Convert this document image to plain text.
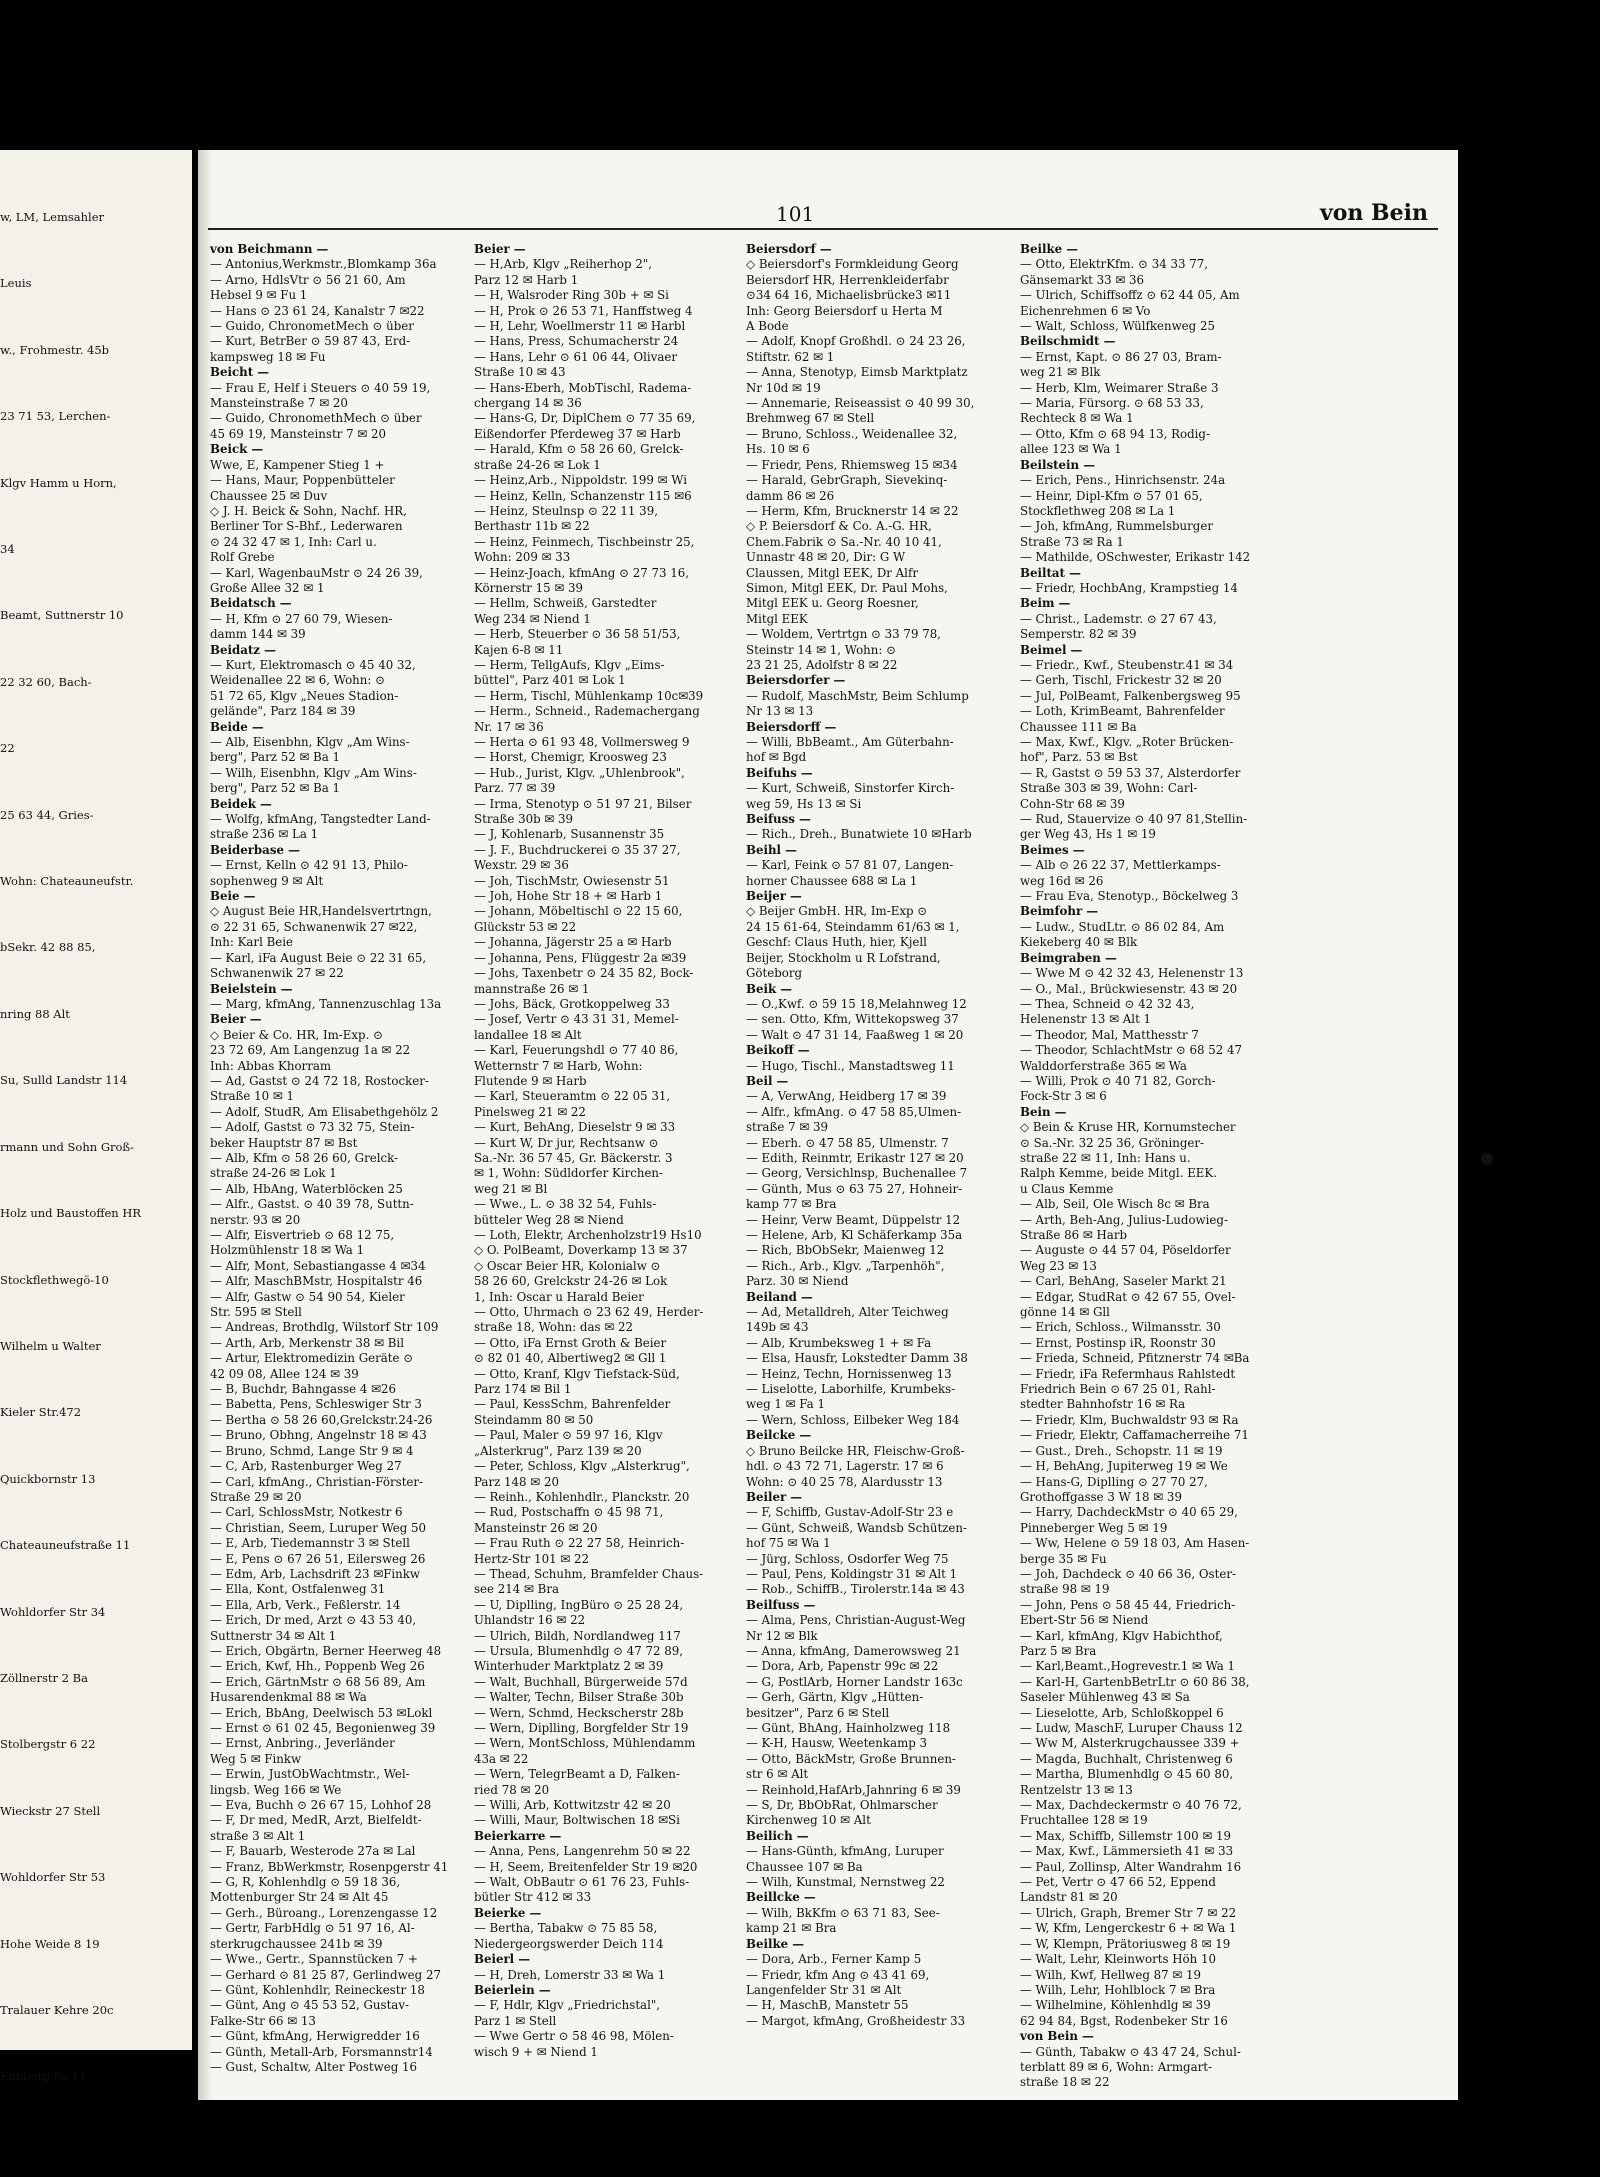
w, LM, Lemsahler
Leuis
w., Frohmestr. 45b
23 71 53, Lerchen-
Klgv Hamm u Horn,
34
Beamt, Suttnerstr 10
22 32 60, Bach-
22
25 63 44, Gries-
Wohn: Chateauneufstr.
bSekr. 42 88 85,
nring 88 Alt
Su, Sulld Landstr 114
rmann und Sohn Groß-
Holz und Baustoffen HR
Stockflethwegö-10
Wilhelm u Walter
Kieler Str.472
Quickbornstr 13
Chateauneufstraße 11
Wohldorfer Str 34
Zöllnerstr 2 Ba
Stolbergstr 6 22
Wieckstr 27 Stell
Wohldorfer Str 53
Hohe Weide 8 19
Tralauer Kehre 20c
Kuhberg 8a 11
101	von Bein
von Beichmann —
— Antonius,Werkmstr.,Blomkamp 36a
— Arno, HdlsVtr ⊙ 56 21 60, Am
Hebsel 9 ✉ Fu 1
— Hans ⊙ 23 61 24, Kanalstr 7 ✉22
— Guido, ChronometMech ⊙ über
— Kurt, BetrBer ⊙ 59 87 43, Erd-
kampsweg 18 ✉ Fu
Beicht —
— Frau E, Helf i Steuers ⊙ 40 59 19,
Mansteinstraße 7 ✉ 20
— Guido, ChronomethMech ⊙ über
45 69 19, Mansteinstr 7 ✉ 20
Beick —
Wwe, E, Kampener Stieg 1 +
— Hans, Maur, Poppenbütteler
Chaussee 25 ✉ Duv
◇ J. H. Beick & Sohn, Nachf. HR,
Berliner Tor S-Bhf., Lederwaren
⊙ 24 32 47 ✉ 1, Inh: Carl u.
Rolf Grebe
— Karl, WagenbauMstr ⊙ 24 26 39,
Große Allee 32 ✉ 1
Beidatsch —
— H, Kfm ⊙ 27 60 79, Wiesen-
damm 144 ✉ 39
Beidatz —
— Kurt, Elektromasch ⊙ 45 40 32,
Weidenallee 22 ✉ 6, Wohn: ⊙
51 72 65, Klgv „Neues Stadion-
gelände", Parz 184 ✉ 39
Beide —
— Alb, Eisenbhn, Klgv „Am Wins-
berg", Parz 52 ✉ Ba 1
— Wilh, Eisenbhn, Klgv „Am Wins-
berg", Parz 52 ✉ Ba 1
Beidek —
— Wolfg, kfmAng, Tangstedter Land-
straße 236 ✉ La 1
Beiderbase —
— Ernst, Kelln ⊙ 42 91 13, Philo-
sophenweg 9 ✉ Alt
Beie —
◇ August Beie HR,Handelsvertrtngn,
⊙ 22 31 65, Schwanenwik 27 ✉22,
Inh: Karl Beie
— Karl, iFa August Beie ⊙ 22 31 65,
Schwanenwik 27 ✉ 22
Beielstein —
— Marg, kfmAng, Tannenzuschlag 13a
Beier —
◇ Beier & Co. HR, Im-Exp. ⊙
23 72 69, Am Langenzug 1a ✉ 22
Inh: Abbas Khorram
— Ad, Gastst ⊙ 24 72 18, Rostocker-
Straße 10 ✉ 1
— Adolf, StudR, Am Elisabethgehölz 2
— Adolf, Gastst ⊙ 73 32 75, Stein-
beker Hauptstr 87 ✉ Bst
— Alb, Kfm ⊙ 58 26 60, Grelck-
straße 24-26 ✉ Lok 1
— Alb, HbAng, Waterblöcken 25
— Alfr., Gastst. ⊙ 40 39 78, Suttn-
nerstr. 93 ✉ 20
— Alfr, Eisvertrieb ⊙ 68 12 75,
Holzmühlenstr 18 ✉ Wa 1
— Alfr, Mont, Sebastiangasse 4 ✉34
— Alfr, MaschBMstr, Hospitalstr 46
— Alfr, Gastw ⊙ 54 90 54, Kieler
Str. 595 ✉ Stell
— Andreas, Brothdlg, Wilstorf Str 109
— Arth, Arb, Merkenstr 38 ✉ Bil
— Artur, Elektromedizin Geräte ⊙
42 09 08, Allee 124 ✉ 39
— B, Buchdr, Bahngasse 4 ✉26
— Babetta, Pens, Schleswiger Str 3
— Bertha ⊙ 58 26 60,Grelckstr.24-26
— Bruno, Obhng, Angelnstr 18 ✉ 43
— Bruno, Schmd, Lange Str 9 ✉ 4
— C, Arb, Rastenburger Weg 27
— Carl, kfmAng., Christian-Förster-
Straße 29 ✉ 20
— Carl, SchlossMstr, Notkestr 6
— Christian, Seem, Luruper Weg 50
— E, Arb, Tiedemannstr 3 ✉ Stell
— E, Pens ⊙ 67 26 51, Eilersweg 26
— Edm, Arb, Lachsdrift 23 ✉Finkw
— Ella, Kont, Ostfalenweg 31
— Ella, Arb, Verk., Feßlerstr. 14
— Erich, Dr med, Arzt ⊙ 43 53 40,
Suttnerstr 34 ✉ Alt 1
— Erich, Obgärtn, Berner Heerweg 48
— Erich, Kwf, Hh., Poppenb Weg 26
— Erich, GärtnMstr ⊙ 68 56 89, Am
Husarendenkmal 88 ✉ Wa
— Erich, BbAng, Deelwisch 53 ✉Lokl
— Ernst ⊙ 61 02 45, Begonienweg 39
— Ernst, Anbring., Jeverländer
Weg 5 ✉ Finkw
— Erwin, JustObWachtmstr., Wel-
lingsb. Weg 166 ✉ We
— Eva, Buchh ⊙ 26 67 15, Lohhof 28
— F, Dr med, MedR, Arzt, Bielfeldt-
straße 3 ✉ Alt 1
— F, Bauarb, Westerode 27a ✉ Lal
— Franz, BbWerkmstr, Rosenpgerstr 41
— G, R, Kohlenhdlg ⊙ 59 18 36,
Mottenburger Str 24 ✉ Alt 45
— Gerh., Büroang., Lorenzengasse 12
— Gertr, FarbHdlg ⊙ 51 97 16, Al-
sterkrugchaussee 241b ✉ 39
— Wwe., Gertr., Spannstücken 7 +
— Gerhard ⊙ 81 25 87, Gerlindweg 27
— Günt, Kohlenhdlr, Reineckestr 18
— Günt, Ang ⊙ 45 53 52, Gustav-
Falke-Str 66 ✉ 13
— Günt, kfmAng, Herwigredder 16
— Günth, Metall-Arb, Forsmannstr14
— Gust, Schaltw, Alter Postweg 16
Beier —
— H,Arb, Klgv „Reiherhop 2",
Parz 12 ✉ Harb 1
— H, Walsroder Ring 30b + ✉ Si
— H, Prok ⊙ 26 53 71, Hanffstweg 4
— H, Lehr, Woellmerstr 11 ✉ Harbl
— Hans, Press, Schumacherstr 24
— Hans, Lehr ⊙ 61 06 44, Olivaer
Straße 10 ✉ 43
— Hans-Eberh, MobTischl, Radema-
chergang 14 ✉ 36
— Hans-G, Dr, DiplChem ⊙ 77 35 69,
Eißendorfer Pferdeweg 37 ✉ Harb
— Harald, Kfm ⊙ 58 26 60, Grelck-
straße 24-26 ✉ Lok 1
— Heinz,Arb., Nippoldstr. 199 ✉ Wi
— Heinz, Kelln, Schanzenstr 115 ✉6
— Heinz, Steulnsp ⊙ 22 11 39,
Berthastr 11b ✉ 22
— Heinz, Feinmech, Tischbeinstr 25,
Wohn: 209 ✉ 33
— Heinz-Joach, kfmAng ⊙ 27 73 16,
Körnerstr 15 ✉ 39
— Hellm, Schweiß, Garstedter
Weg 234 ✉ Niend 1
— Herb, Steuerber ⊙ 36 58 51/53,
Kajen 6-8 ✉ 11
— Herm, TellgAufs, Klgv „Eims-
büttel", Parz 401 ✉ Lok 1
— Herm, Tischl, Mühlenkamp 10c✉39
— Herm., Schneid., Rademachergang
Nr. 17 ✉ 36
— Herta ⊙ 61 93 48, Vollmersweg 9
— Horst, Chemigr, Kroosweg 23
— Hub., Jurist, Klgv. „Uhlenbrook",
Parz. 77 ✉ 39
— Irma, Stenotyp ⊙ 51 97 21, Bilser
Straße 30b ✉ 39
— J, Kohlenarb, Susannenstr 35
— J. F., Buchdruckerei ⊙ 35 37 27,
Wexstr. 29 ✉ 36
— Joh, TischMstr, Owiesenstr 51
— Joh, Hohe Str 18 + ✉ Harb 1
— Johann, Möbeltischl ⊙ 22 15 60,
Glückstr 53 ✉ 22
— Johanna, Jägerstr 25 a ✉ Harb
— Johanna, Pens, Flüggestr 2a ✉39
— Johs, Taxenbetr ⊙ 24 35 82, Bock-
mannstraße 26 ✉ 1
— Johs, Bäck, Grotkoppelweg 33
— Josef, Vertr ⊙ 43 31 31, Memel-
landallee 18 ✉ Alt
— Karl, Feuerungshdl ⊙ 77 40 86,
Wetternstr 7 ✉ Harb, Wohn:
Flutende 9 ✉ Harb
— Karl, Steueramtm ⊙ 22 05 31,
Pinelsweg 21 ✉ 22
— Kurt, BehAng, Dieselstr 9 ✉ 33
— Kurt W, Dr jur, Rechtsanw ⊙
Sa.-Nr. 36 57 45, Gr. Bäckerstr. 3
✉ 1, Wohn: Südldorfer Kirchen-
weg 21 ✉ Bl
— Wwe., L. ⊙ 38 32 54, Fuhls-
bütteler Weg 28 ✉ Niend
— Loth, Elektr, Archenholzstr19 Hs10
◇ O. PolBeamt, Doverkamp 13 ✉ 37
◇ Oscar Beier HR, Kolonialw ⊙
58 26 60, Grelckstr 24-26 ✉ Lok
1, Inh: Oscar u Harald Beier
— Otto, Uhrmach ⊙ 23 62 49, Herder-
straße 18, Wohn: das ✉ 22
— Otto, iFa Ernst Groth & Beier
⊙ 82 01 40, Albertiweg2 ✉ Gll 1
— Otto, Kranf, Klgv Tiefstack-Süd,
Parz 174 ✉ Bil 1
— Paul, KessSchm, Bahrenfelder
Steindamm 80 ✉ 50
— Paul, Maler ⊙ 59 97 16, Klgv
„Alsterkrug", Parz 139 ✉ 20
— Peter, Schloss, Klgv „Alsterkrug",
Parz 148 ✉ 20
— Reinh., Kohlenhdlr., Planckstr. 20
— Rud, Postschaffn ⊙ 45 98 71,
Mansteinstr 26 ✉ 20
— Frau Ruth ⊙ 22 27 58, Heinrich-
Hertz-Str 101 ✉ 22
— Thead, Schuhm, Bramfelder Chaus-
see 214 ✉ Bra
— U, Diplling, IngBüro ⊙ 25 28 24,
Uhlandstr 16 ✉ 22
— Ulrich, Bildh, Nordlandweg 117
— Ursula, Blumenhdlg ⊙ 47 72 89,
Winterhuder Marktplatz 2 ✉ 39
— Walt, Buchhall, Bürgerweide 57d
— Walter, Techn, Bilser Straße 30b
— Wern, Schmd, Heckscherstr 28b
— Wern, Diplling, Borgfelder Str 19
— Wern, MontSchloss, Mühlendamm
43a ✉ 22
— Wern, TelegrBeamt a D, Falken-
ried 78 ✉ 20
— Willi, Arb, Kottwitzstr 42 ✉ 20
— Willi, Maur, Boltwischen 18 ✉Si
Beierkarre —
— Anna, Pens, Langenrehm 50 ✉ 22
— H, Seem, Breitenfelder Str 19 ✉20
— Walt, ObBautr ⊙ 61 76 23, Fuhls-
bütler Str 412 ✉ 33
Beierke —
— Bertha, Tabakw ⊙ 75 85 58,
Niedergeorgswerder Deich 114
Beierl —
— H, Dreh, Lomerstr 33 ✉ Wa 1
Beierlein —
— F, Hdlr, Klgv „Friedrichstal",
Parz 1 ✉ Stell
— Wwe Gertr ⊙ 58 46 98, Mölen-
wisch 9 + ✉ Niend 1
Beiersdorf —
◇ Beiersdorf's Formkleidung Georg
Beiersdorf HR, Herrenkleiderfabr
⊙34 64 16, Michaelisbrücke3 ✉11
Inh: Georg Beiersdorf u Herta M
A Bode
— Adolf, Knopf Großhdl. ⊙ 24 23 26,
Stiftstr. 62 ✉ 1
— Anna, Stenotyp, Eimsb Marktplatz
Nr 10d ✉ 19
— Annemarie, Reiseassist ⊙ 40 99 30,
Brehmweg 67 ✉ Stell
— Bruno, Schloss., Weidenallee 32,
Hs. 10 ✉ 6
— Friedr, Pens, Rhiemsweg 15 ✉34
— Harald, GebrGraph, Sievekinq-
damm 86 ✉ 26
— Herm, Kfm, Brucknerstr 14 ✉ 22
◇ P. Beiersdorf & Co. A.-G. HR,
Chem.Fabrik ⊙ Sa.-Nr. 40 10 41,
Unnastr 48 ✉ 20, Dir: G W
Claussen, Mitgl EEK, Dr Alfr
Simon, Mitgl EEK, Dr. Paul Mohs,
Mitgl EEK u. Georg Roesner,
Mitgl EEK
— Woldem, Vertrtgn ⊙ 33 79 78,
Steinstr 14 ✉ 1, Wohn: ⊙
23 21 25, Adolfstr 8 ✉ 22
Beiersdorfer —
— Rudolf, MaschMstr, Beim Schlump
Nr 13 ✉ 13
Beiersdorff —
— Willi, BbBeamt., Am Güterbahn-
hof ✉ Bgd
Beifuhs —
— Kurt, Schweiß, Sinstorfer Kirch-
weg 59, Hs 13 ✉ Si
Beifuss —
— Rich., Dreh., Bunatwiete 10 ✉Harb
Beihl —
— Karl, Feink ⊙ 57 81 07, Langen-
horner Chaussee 688 ✉ La 1
Beijer —
◇ Beijer GmbH. HR, Im-Exp ⊙
24 15 61-64, Steindamm 61/63 ✉ 1,
Geschf: Claus Huth, hier, Kjell
Beijer, Stockholm u R Lofstrand,
Göteborg
Beik —
— O.,Kwf. ⊙ 59 15 18,Melahnweg 12
— sen. Otto, Kfm, Wittekopsweg 37
— Walt ⊙ 47 31 14, Faaßweg 1 ✉ 20
Beikoff —
— Hugo, Tischl., Manstadtsweg 11
Beil —
— A, VerwAng, Heidberg 17 ✉ 39
— Alfr., kfmAng. ⊙ 47 58 85,Ulmen-
straße 7 ✉ 39
— Eberh. ⊙ 47 58 85, Ulmenstr. 7
— Edith, Reinmtr, Erikastr 127 ✉ 20
— Georg, Versichlnsp, Buchenallee 7
— Günth, Mus ⊙ 63 75 27, Hohneir-
kamp 77 ✉ Bra
— Heinr, Verw Beamt, Düppelstr 12
— Helene, Arb, Kl Schäferkamp 35a
— Rich, BbObSekr, Maienweg 12
— Rich., Arb., Klgv. „Tarpenhöh",
Parz. 30 ✉ Niend
Beiland —
— Ad, Metalldreh, Alter Teichweg
149b ✉ 43
— Alb, Krumbeksweg 1 + ✉ Fa
— Elsa, Hausfr, Lokstedter Damm 38
— Heinz, Techn, Hornissenweg 13
— Liselotte, Laborhilfe, Krumbeks-
weg 1 ✉ Fa 1
— Wern, Schloss, Eilbeker Weg 184
Beilcke —
◇ Bruno Beilcke HR, Fleischw-Groß-
hdl. ⊙ 43 72 71, Lagerstr. 17 ✉ 6
Wohn: ⊙ 40 25 78, Alardusstr 13
Beiler —
— F, Schiffb, Gustav-Adolf-Str 23 e
— Günt, Schweiß, Wandsb Schützen-
hof 75 ✉ Wa 1
— Jürg, Schloss, Osdorfer Weg 75
— Paul, Pens, Koldingstr 31 ✉ Alt 1
— Rob., SchiffB., Tirolerstr.14a ✉ 43
Beilfuss —
— Alma, Pens, Christian-August-Weg
Nr 12 ✉ Blk
— Anna, kfmAng, Damerowsweg 21
— Dora, Arb, Papenstr 99c ✉ 22
— G, PostlArb, Horner Landstr 163c
— Gerh, Gärtn, Klgv „Hütten-
besitzer", Parz 6 ✉ Stell
— Günt, BhAng, Hainholzweg 118
— K-H, Hausw, Weetenkamp 3
— Otto, BäckMstr, Große Brunnen-
str 6 ✉ Alt
— Reinhold,HafArb,Jahnring 6 ✉ 39
— S, Dr, BbObRat, Ohlmarscher
Kirchenweg 10 ✉ Alt
Beilich —
— Hans-Günth, kfmAng, Luruper
Chaussee 107 ✉ Ba
— Wilh, Kunstmal, Nernstweg 22
Beillcke —
— Wilh, BkKfm ⊙ 63 71 83, See-
kamp 21 ✉ Bra
Beilke —
— Dora, Arb., Ferner Kamp 5
— Friedr, kfm Ang ⊙ 43 41 69,
Langenfelder Str 31 ✉ Alt
— H, MaschB, Manstetr 55
— Margot, kfmAng, Großheidestr 33
Beilke —
— Otto, ElektrKfm. ⊙ 34 33 77,
Gänsemarkt 33 ✉ 36
— Ulrich, Schiffsoffz ⊙ 62 44 05, Am
Eichenrehmen 6 ✉ Vo
— Walt, Schloss, Wülfkenweg 25
Beilschmidt —
— Ernst, Kapt. ⊙ 86 27 03, Bram-
weg 21 ✉ Blk
— Herb, Klm, Weimarer Straße 3
— Maria, Fürsorg. ⊙ 68 53 33,
Rechteck 8 ✉ Wa 1
— Otto, Kfm ⊙ 68 94 13, Rodig-
allee 123 ✉ Wa 1
Beilstein —
— Erich, Pens., Hinrichsenstr. 24a
— Heinr, Dipl-Kfm ⊙ 57 01 65,
Stockflethweg 208 ✉ La 1
— Joh, kfmAng, Rummelsburger
Straße 73 ✉ Ra 1
— Mathilde, OSchwester, Erikastr 142
Beiltat —
— Friedr, HochbAng, Krampstieg 14
Beim —
— Christ., Lademstr. ⊙ 27 67 43,
Semperstr. 82 ✉ 39
Beimel —
— Friedr., Kwf., Steubenstr.41 ✉ 34
— Gerh, Tischl, Frickestr 32 ✉ 20
— Jul, PolBeamt, Falkenbergsweg 95
— Loth, KrimBeamt, Bahrenfelder
Chaussee 111 ✉ Ba
— Max, Kwf., Klgv. „Roter Brücken-
hof", Parz. 53 ✉ Bst
— R, Gastst ⊙ 59 53 37, Alsterdorfer
Straße 303 ✉ 39, Wohn: Carl-
Cohn-Str 68 ✉ 39
— Rud, Stauervize ⊙ 40 97 81,Stellin-
ger Weg 43, Hs 1 ✉ 19
Beimes —
— Alb ⊙ 26 22 37, Mettlerkamps-
weg 16d ✉ 26
— Frau Eva, Stenotyp., Böckelweg 3
Beimfohr —
— Ludw., StudLtr. ⊙ 86 02 84, Am
Kiekeberg 40 ✉ Blk
Beimgraben —
— Wwe M ⊙ 42 32 43, Helenenstr 13
— O., Mal., Brückwiesenstr. 43 ✉ 20
— Thea, Schneid ⊙ 42 32 43,
Helenenstr 13 ✉ Alt 1
— Theodor, Mal, Matthesstr 7
— Theodor, SchlachtMstr ⊙ 68 52 47
Walddorferstraße 365 ✉ Wa
— Willi, Prok ⊙ 40 71 82, Gorch-
Fock-Str 3 ✉ 6
Bein —
◇ Bein & Kruse HR, Kornumstecher
⊙ Sa.-Nr. 32 25 36, Gröninger-
straße 22 ✉ 11, Inh: Hans u.
Ralph Kemme, beide Mitgl. EEK.
u Claus Kemme
— Alb, Seil, Ole Wisch 8c ✉ Bra
— Arth, Beh-Ang, Julius-Ludowieg-
Straße 86 ✉ Harb
— Auguste ⊙ 44 57 04, Pöseldorfer
Weg 23 ✉ 13
— Carl, BehAng, Saseler Markt 21
— Edgar, StudRat ⊙ 42 67 55, Ovel-
gönne 14 ✉ Gll
— Erich, Schloss., Wilmansstr. 30
— Ernst, Postinsp iR, Roonstr 30
— Frieda, Schneid, Pfitznerstr 74 ✉Ba
— Friedr, iFa Refermhaus Rahlstedt
Friedrich Bein ⊙ 67 25 01, Rahl-
stedter Bahnhofstr 16 ✉ Ra
— Friedr, Klm, Buchwaldstr 93 ✉ Ra
— Friedr, Elektr, Caffamacherreihe 71
— Gust., Dreh., Schopstr. 11 ✉ 19
— H, BehAng, Jupiterweg 19 ✉ We
— Hans-G, Diplling ⊙ 27 70 27,
Grothoffgasse 3 W 18 ✉ 39
— Harry, DachdeckMstr ⊙ 40 65 29,
Pinneberger Weg 5 ✉ 19
— Ww, Helene ⊙ 59 18 03, Am Hasen-
berge 35 ✉ Fu
— Joh, Dachdeck ⊙ 40 66 36, Oster-
straße 98 ✉ 19
— John, Pens ⊙ 58 45 44, Friedrich-
Ebert-Str 56 ✉ Niend
— Karl, kfmAng, Klgv Habichthof,
Parz 5 ✉ Bra
— Karl,Beamt.,Hogrevestr.1 ✉ Wa 1
— Karl-H, GartenbBetrLtr ⊙ 60 86 38,
Saseler Mühlenweg 43 ✉ Sa
— Lieselotte, Arb, Schloßkoppel 6
— Ludw, MaschF, Luruper Chauss 12
— Ww M, Alsterkrugchaussee 339 +
— Magda, Buchhalt, Christenweg 6
— Martha, Blumenhdlg ⊙ 45 60 80,
Rentzelstr 13 ✉ 13
— Max, Dachdeckermstr ⊙ 40 76 72,
Fruchtallee 128 ✉ 19
— Max, Schiffb, Sillemstr 100 ✉ 19
— Max, Kwf., Lämmersieth 41 ✉ 33
— Paul, Zollinsp, Alter Wandrahm 16
— Pet, Vertr ⊙ 47 66 52, Eppend
Landstr 81 ✉ 20
— Ulrich, Graph, Bremer Str 7 ✉ 22
— W, Kfm, Lengerckestr 6 + ✉ Wa 1
— W, Klempn, Prätoriusweg 8 ✉ 19
— Walt, Lehr, Kleinworts Höh 10
— Wilh, Kwf, Hellweg 87 ✉ 19
— Wilh, Lehr, Hohlblock 7 ✉ Bra
— Wilhelmine, Köhlenhdlg ✉ 39
62 94 84, Bgst, Rodenbeker Str 16
von Bein —
— Günth, Tabakw ⊙ 43 47 24, Schul-
terblatt 89 ✉ 6, Wohn: Armgart-
straße 18 ✉ 22
